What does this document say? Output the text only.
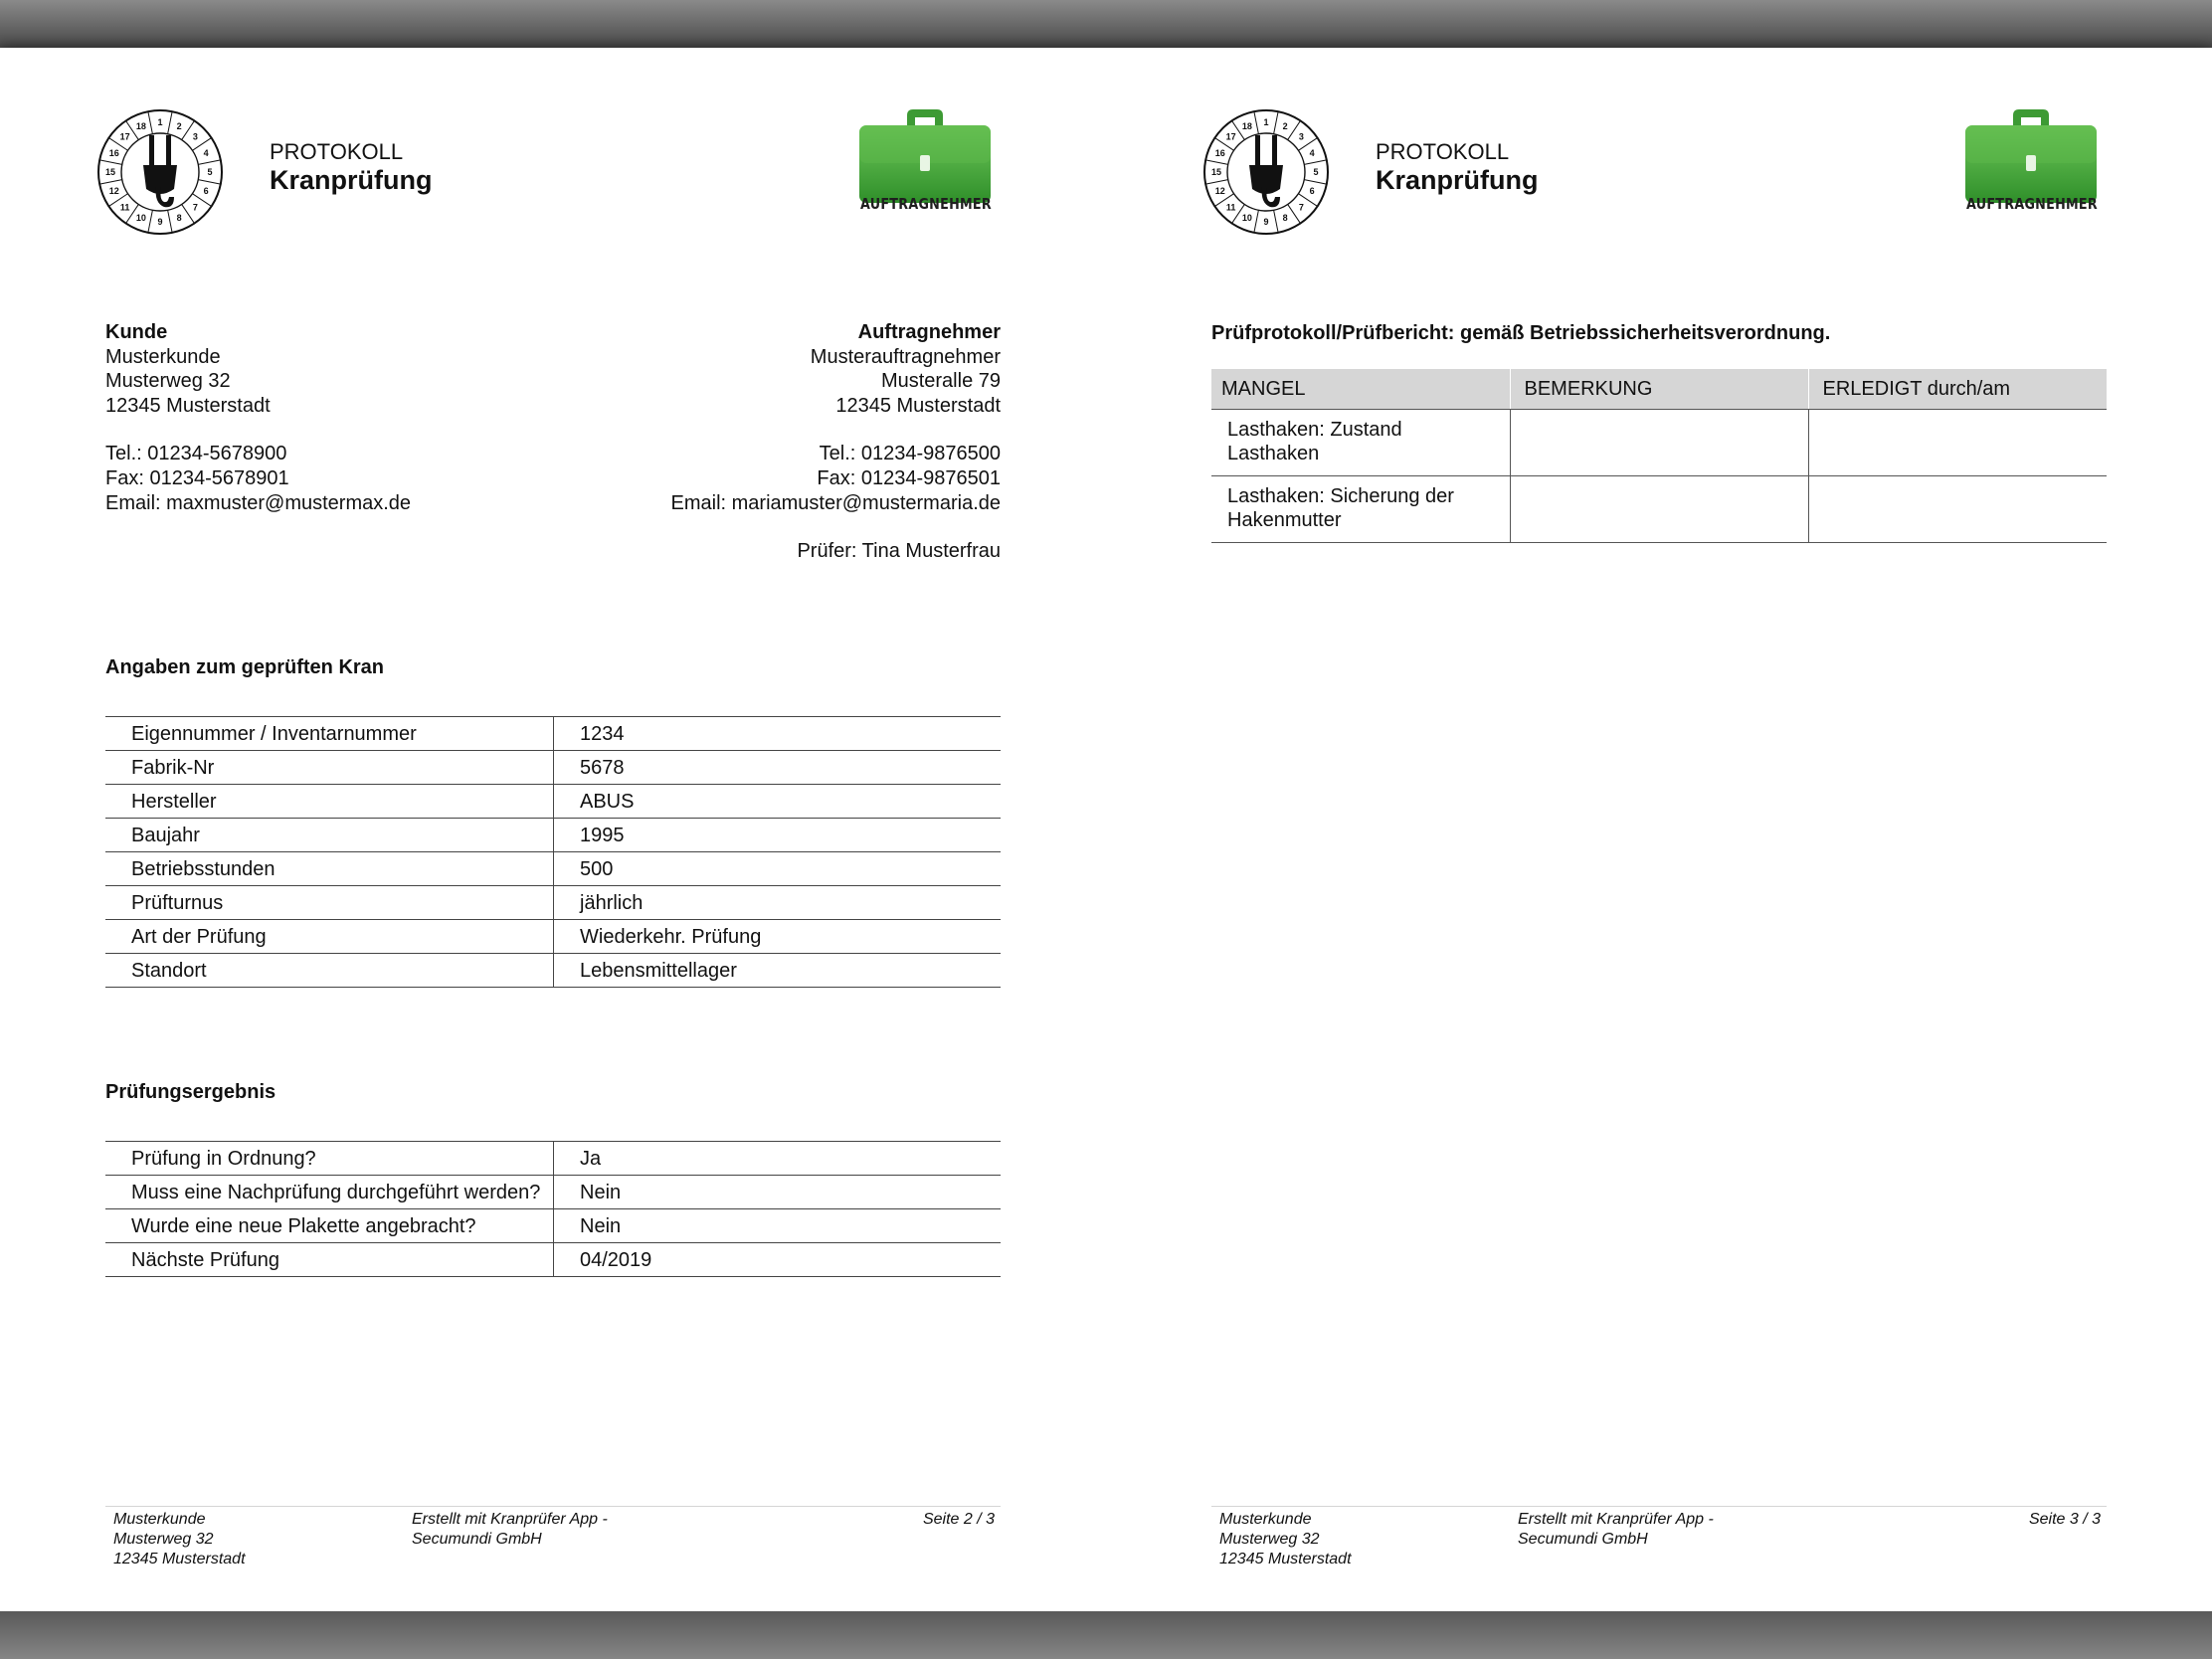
1 2
3
4
5
6
7
8
9
10
11
12
15
16
17
18
PROTOKOLL
Kranprüfung
AUFTRAGNEHMER
Kunde
Musterkunde
Musterweg 32
12345 Musterstadt
Tel.: 01234-5678900
Fax: 01234-5678901
Email: maxmuster@mustermax.de
Auftragnehmer
Musterauftragnehmer
Musteralle 79
12345 Musterstadt
Tel.: 01234-9876500
Fax: 01234-9876501
Email: mariamuster@mustermaria.de
Prüfer: Tina Musterfrau
Angaben zum geprüften Kran
Eigennummer / Inventarnummer	1234
Fabrik-Nr	5678
Hersteller	ABUS
Baujahr	1995
Betriebsstunden	500
Prüfturnus	jährlich
Art der Prüfung	Wiederkehr. Prüfung
Standort	Lebensmittellager
Prüfungsergebnis
Prüfung in Ordnung?	Ja
Muss eine Nachprüfung durchgeführt werden?	Nein
Wurde eine neue Plakette angebracht?	Nein
Nächste Prüfung	04/2019
Musterkunde
Musterweg 32
12345 Musterstadt
Erstellt mit Kranprüfer App -
Secumundi GmbH
Seite 2 / 3
1 2
3
4
5
6
7
8
9
10
11
12
15
16
17
18
PROTOKOLL
Kranprüfung
AUFTRAGNEHMER
Prüfprotokoll/Prüfbericht: gemäß Betriebssicherheitsverordnung.
MANGEL	BEMERKUNG	ERLEDIGT durch/am
Lasthaken: Zustand Lasthaken		
Lasthaken: Sicherung der Hakenmutter		
Musterkunde
Musterweg 32
12345 Musterstadt
Erstellt mit Kranprüfer App -
Secumundi GmbH
Seite 3 / 3
